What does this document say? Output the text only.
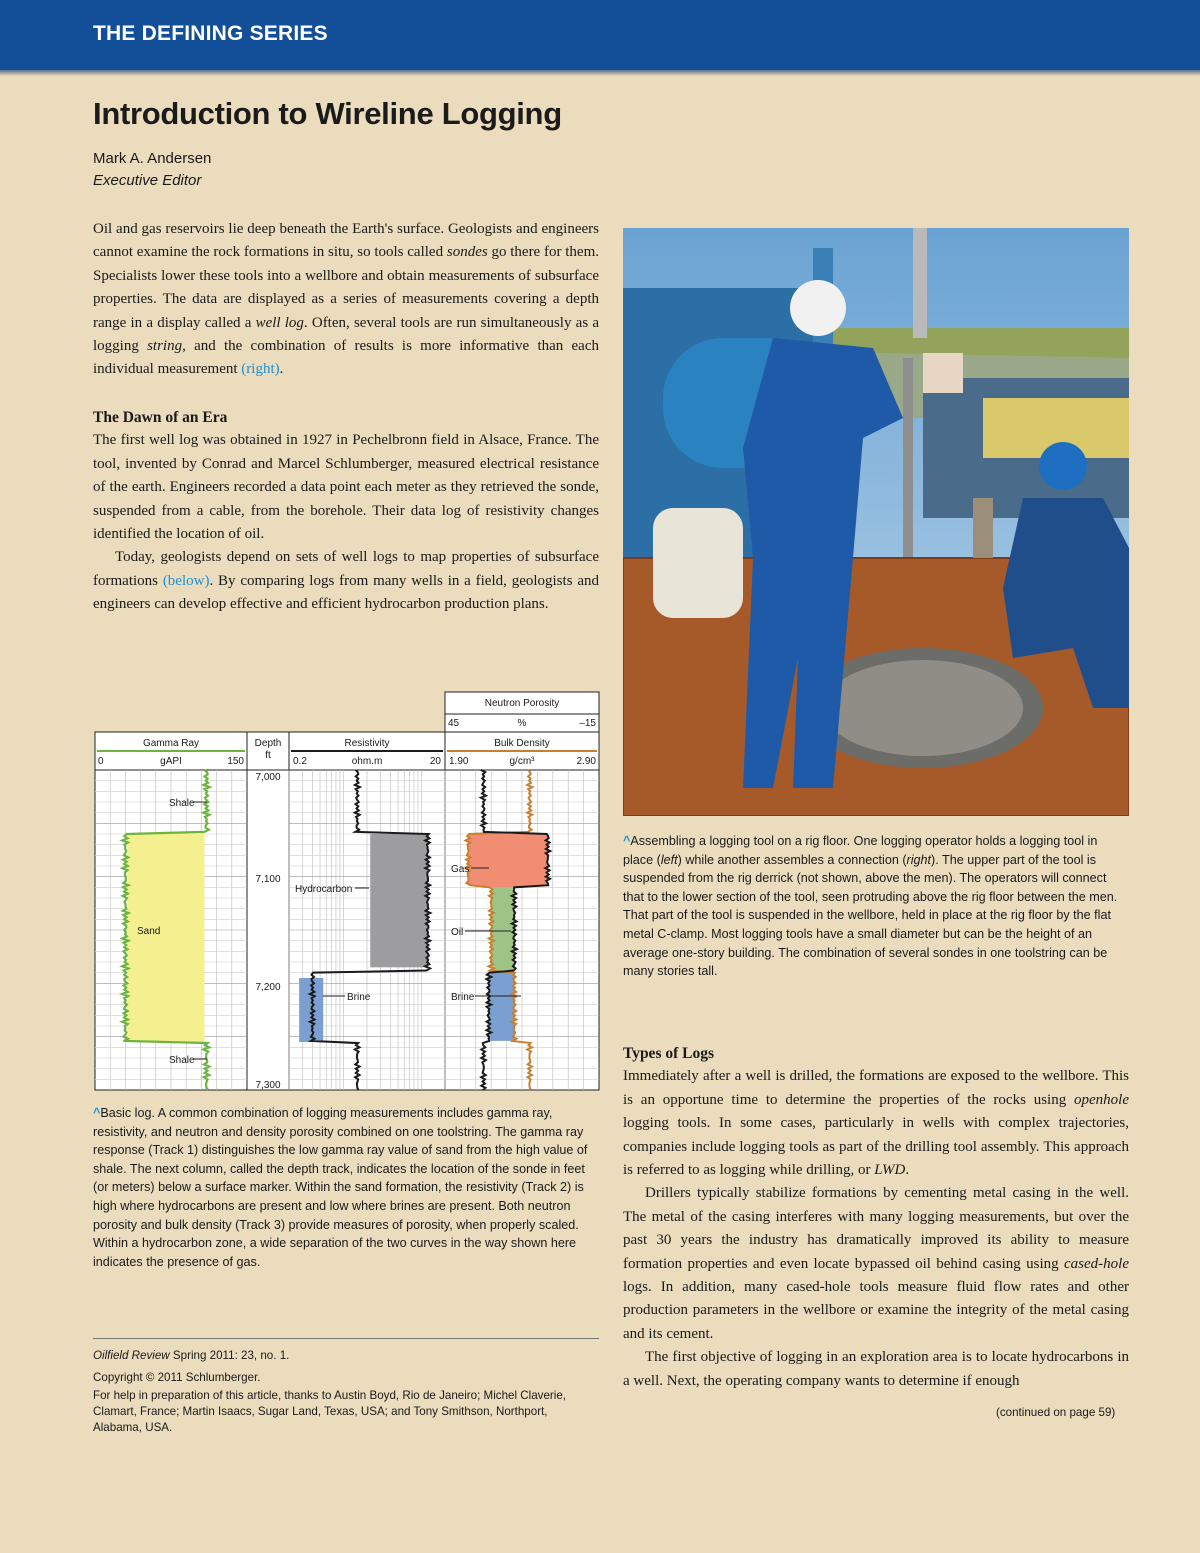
THE DEFINING SERIES
Introduction to Wireline Logging
Mark A. Andersen
Executive Editor

Oil and gas reservoirs lie deep beneath the Earth's surface. Geologists and engineers cannot examine the rock formations in situ, so tools called sondes go there for them. Specialists lower these tools into a wellbore and obtain measurements of subsurface properties. The data are displayed as a series of measurements covering a depth range in a display called a well log. Often, several tools are run simultaneously as a logging string, and the combination of results is more informative than each individual measurement (right).

The Dawn of an Era

The first well log was obtained in 1927 in Pechelbronn field in Alsace, France. The tool, invented by Conrad and Marcel Schlumberger, measured electrical resistance of the earth. Engineers recorded a data point each meter as they retrieved the sonde, suspended from a cable, from the borehole. Their data log of resistivity changes identified the location of oil.

Today, geologists depend on sets of well logs to map properties of subsurface formations (below). By comparing logs from many wells in a field, geologists and engineers can develop effective and efficient hydrocarbon production plans.

^Assembling a logging tool on a rig floor. One logging operator holds a logging tool in place (left) while another assembles a connection (right). The upper part of the tool is suspended from the rig derrick (not shown, above the men). The operators will connect that to the lower section of the tool, seen protruding above the rig floor between the men. That part of the tool is suspended in the wellbore, held in place at the rig floor by the flat metal C-clamp. Most logging tools have a small diameter but can be the height of an average one-story building. The combination of several sondes in one toolstring can be many stories tall.
Types of Logs

Immediately after a well is drilled, the formations are exposed to the wellbore. This is an opportune time to determine the properties of the rocks using openhole logging tools. In some cases, particularly in wells with complex trajectories, companies include logging tools as part of the drilling tool assembly. This approach is referred to as logging while drilling, or LWD.

Drillers typically stabilize formations by cementing metal casing in the well. The metal of the casing interferes with many logging measurements, but over the past 30 years the industry has dramatically improved its ability to measure formation properties and even locate bypassed oil behind casing using cased-hole logs. In addition, many cased-hole tools measure fluid flow rates and other production parameters in the wellbore or examine the integrity of the metal casing and its cement.

The first objective of logging in an exploration area is to locate hydrocarbons in a well. Next, the operating company wants to determine if enough

(continued on page 59)
Neutron Porosity
45	%	–15
Gamma Ray
0	gAPI	150
Depth
ft
Resistivity
0.2	ohm.m	20
Bulk Density
1.90	g/cm³	2.90
7,000
7,100
7,200
7,300
Shale
Sand
Shale
Hydrocarbon
Brine
Gas
Oil
Brine
^Basic log. A common combination of logging measurements includes gamma ray, resistivity, and neutron and density porosity combined on one toolstring. The gamma ray response (Track 1) distinguishes the low gamma ray value of sand from the high value of shale. The next column, called the depth track, indicates the location of the sonde in feet (or meters) below a surface marker. Within the sand formation, the resistivity (Track 2) is high where hydrocarbons are present and low where brines are present. Both neutron porosity and bulk density (Track 3) provide measures of porosity, when properly scaled. Within a hydrocarbon zone, a wide separation of the two curves in the way shown here indicates the presence of gas.
Oilfield Review Spring 2011: 23, no. 1.
Copyright © 2011 Schlumberger.
For help in preparation of this article, thanks to Austin Boyd, Rio de Janeiro; Michel Claverie, Clamart, France; Martin Isaacs, Sugar Land, Texas, USA; and Tony Smithson, Northport, Alabama, USA.
